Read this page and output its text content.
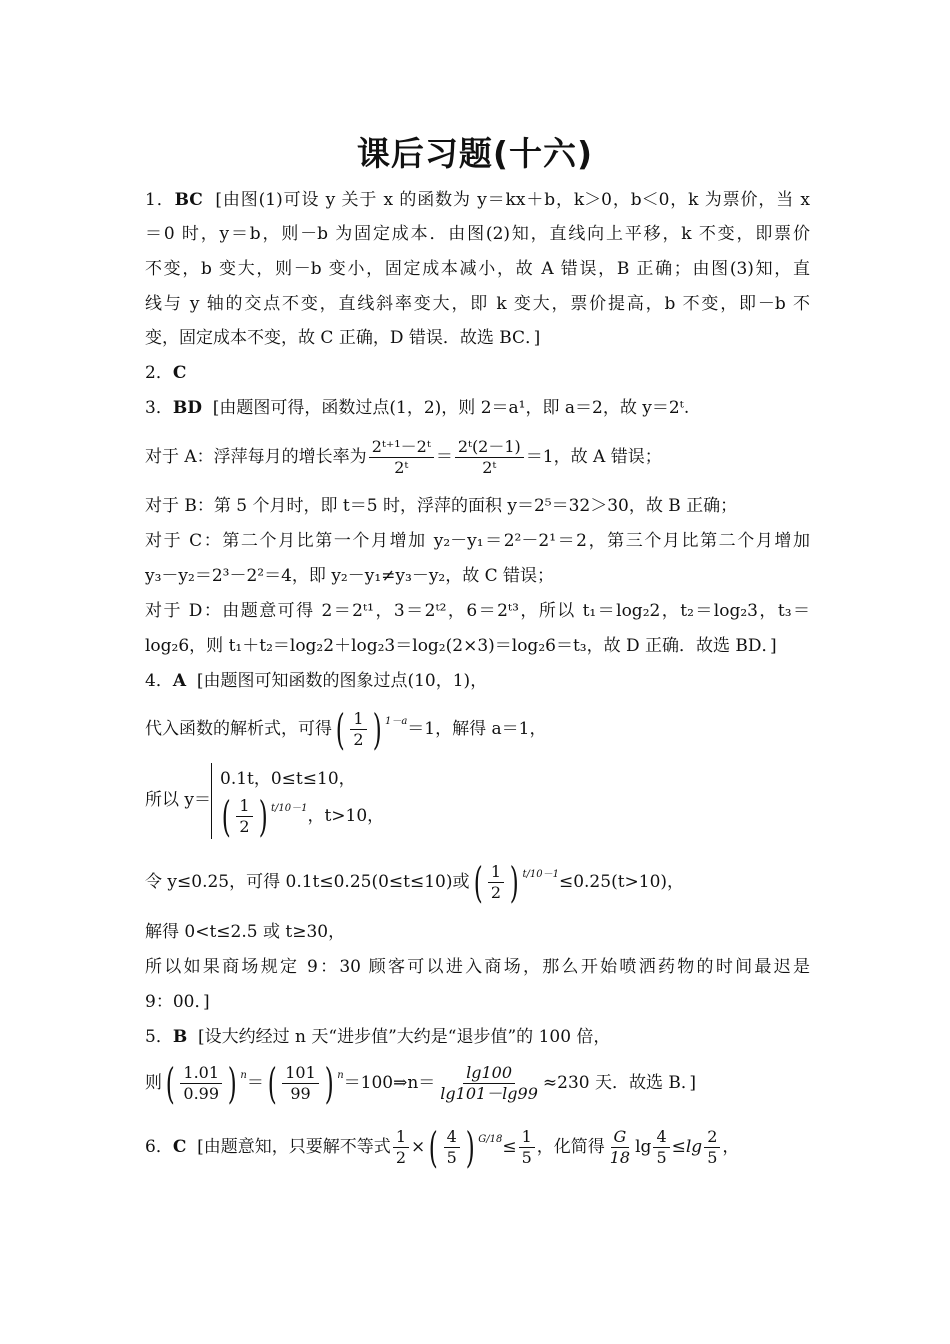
课后习题(十六)
1．BC [由图(1)可设 y 关于 x 的函数为 y＝kx＋b，k＞0，b＜0，k 为票价，当 x
＝0 时，y＝b，则－b 为固定成本．由图(2)知，直线向上平移，k 不变，即票价
不变，b 变大，则－b 变小，固定成本减小，故 A 错误，B 正确；由图(3)知，直
线与 y 轴的交点不变，直线斜率变大，即 k 变大，票价提高，b 不变，即－b 不
变，固定成本不变，故 C 正确，D 错误．故选 BC．]
2．C
3．BD [由题图可得，函数过点(1，2)，则 2＝a¹，即 a＝2，故 y＝2ᵗ.
对于 A：浮萍每月的增长率为 $\frac{\text{2ᵗ⁺¹－2ᵗ}}{\text{2ᵗ}} = \frac{\text{2ᵗ(2－1)}}{\text{2ᵗ}} =1$，故 A 错误；
对于 B：第 5 个月时，即 t＝5 时，浮萍的面积 y＝2⁵＝32＞30，故 B 正确；
对于 C：第二个月比第一个月增加 y₂－y₁＝2²－2¹＝2，第三个月比第二个月增加
y₃－y₂＝2³－2²＝4，即 y₂－y₁≠y₃－y₂，故 C 错误；
对于 D：由题意可得 2＝2ᵗ¹，3＝2ᵗ²，6＝2ᵗ³，所以 t₁＝log₂2，t₂＝log₂3，t₃＝
log₂6，则 t₁＋t₂＝log₂2＋log₂3＝log₂(2×3)＝log₂6＝t₃，故 D 正确．故选 BD．]
4．A [由题图可知函数的图象过点(10，1)，
代入函数的解析式，可得( $\frac{1}{2}$ ) $^{1-a}$＝1，解得 a＝1，
所以 y＝
0.1t，0≤t≤10，
( $\frac{1}{2}$ ) $^{t/10-1}$，t>10，
令 y≤0.25，可得 0.1t≤0.25(0≤t≤10)或( $\frac{1}{2}$ ) $^{t/10-1}$≤0.25(t>10)，
解得 0<t≤2.5 或 t≥30，
所以如果商场规定 9：30 顾客可以进入商场，那么开始喷洒药物的时间最迟是
9：00．]
5．B [设大约经过 n 天“进步值”大约是“退步值”的 100 倍，
则( $\frac{1.01}{0.99}$ ) $^n=( \frac{101}{99}$ ) $^n$＝100⇒n＝ $\frac{\lg 100}{\lg 101-\lg 99} \approx 230$ 天．故选 B．]
6．C [由题意知，只要解不等式 $\frac{1}{2}$ ×( $\frac{4}{5}$ ) $^{G/18}\le \frac{1}{5}$ ，化简得 $\frac{G}{18}$ $\lg \frac{4}{5} \le\lg \frac{2}{5}$ ，
